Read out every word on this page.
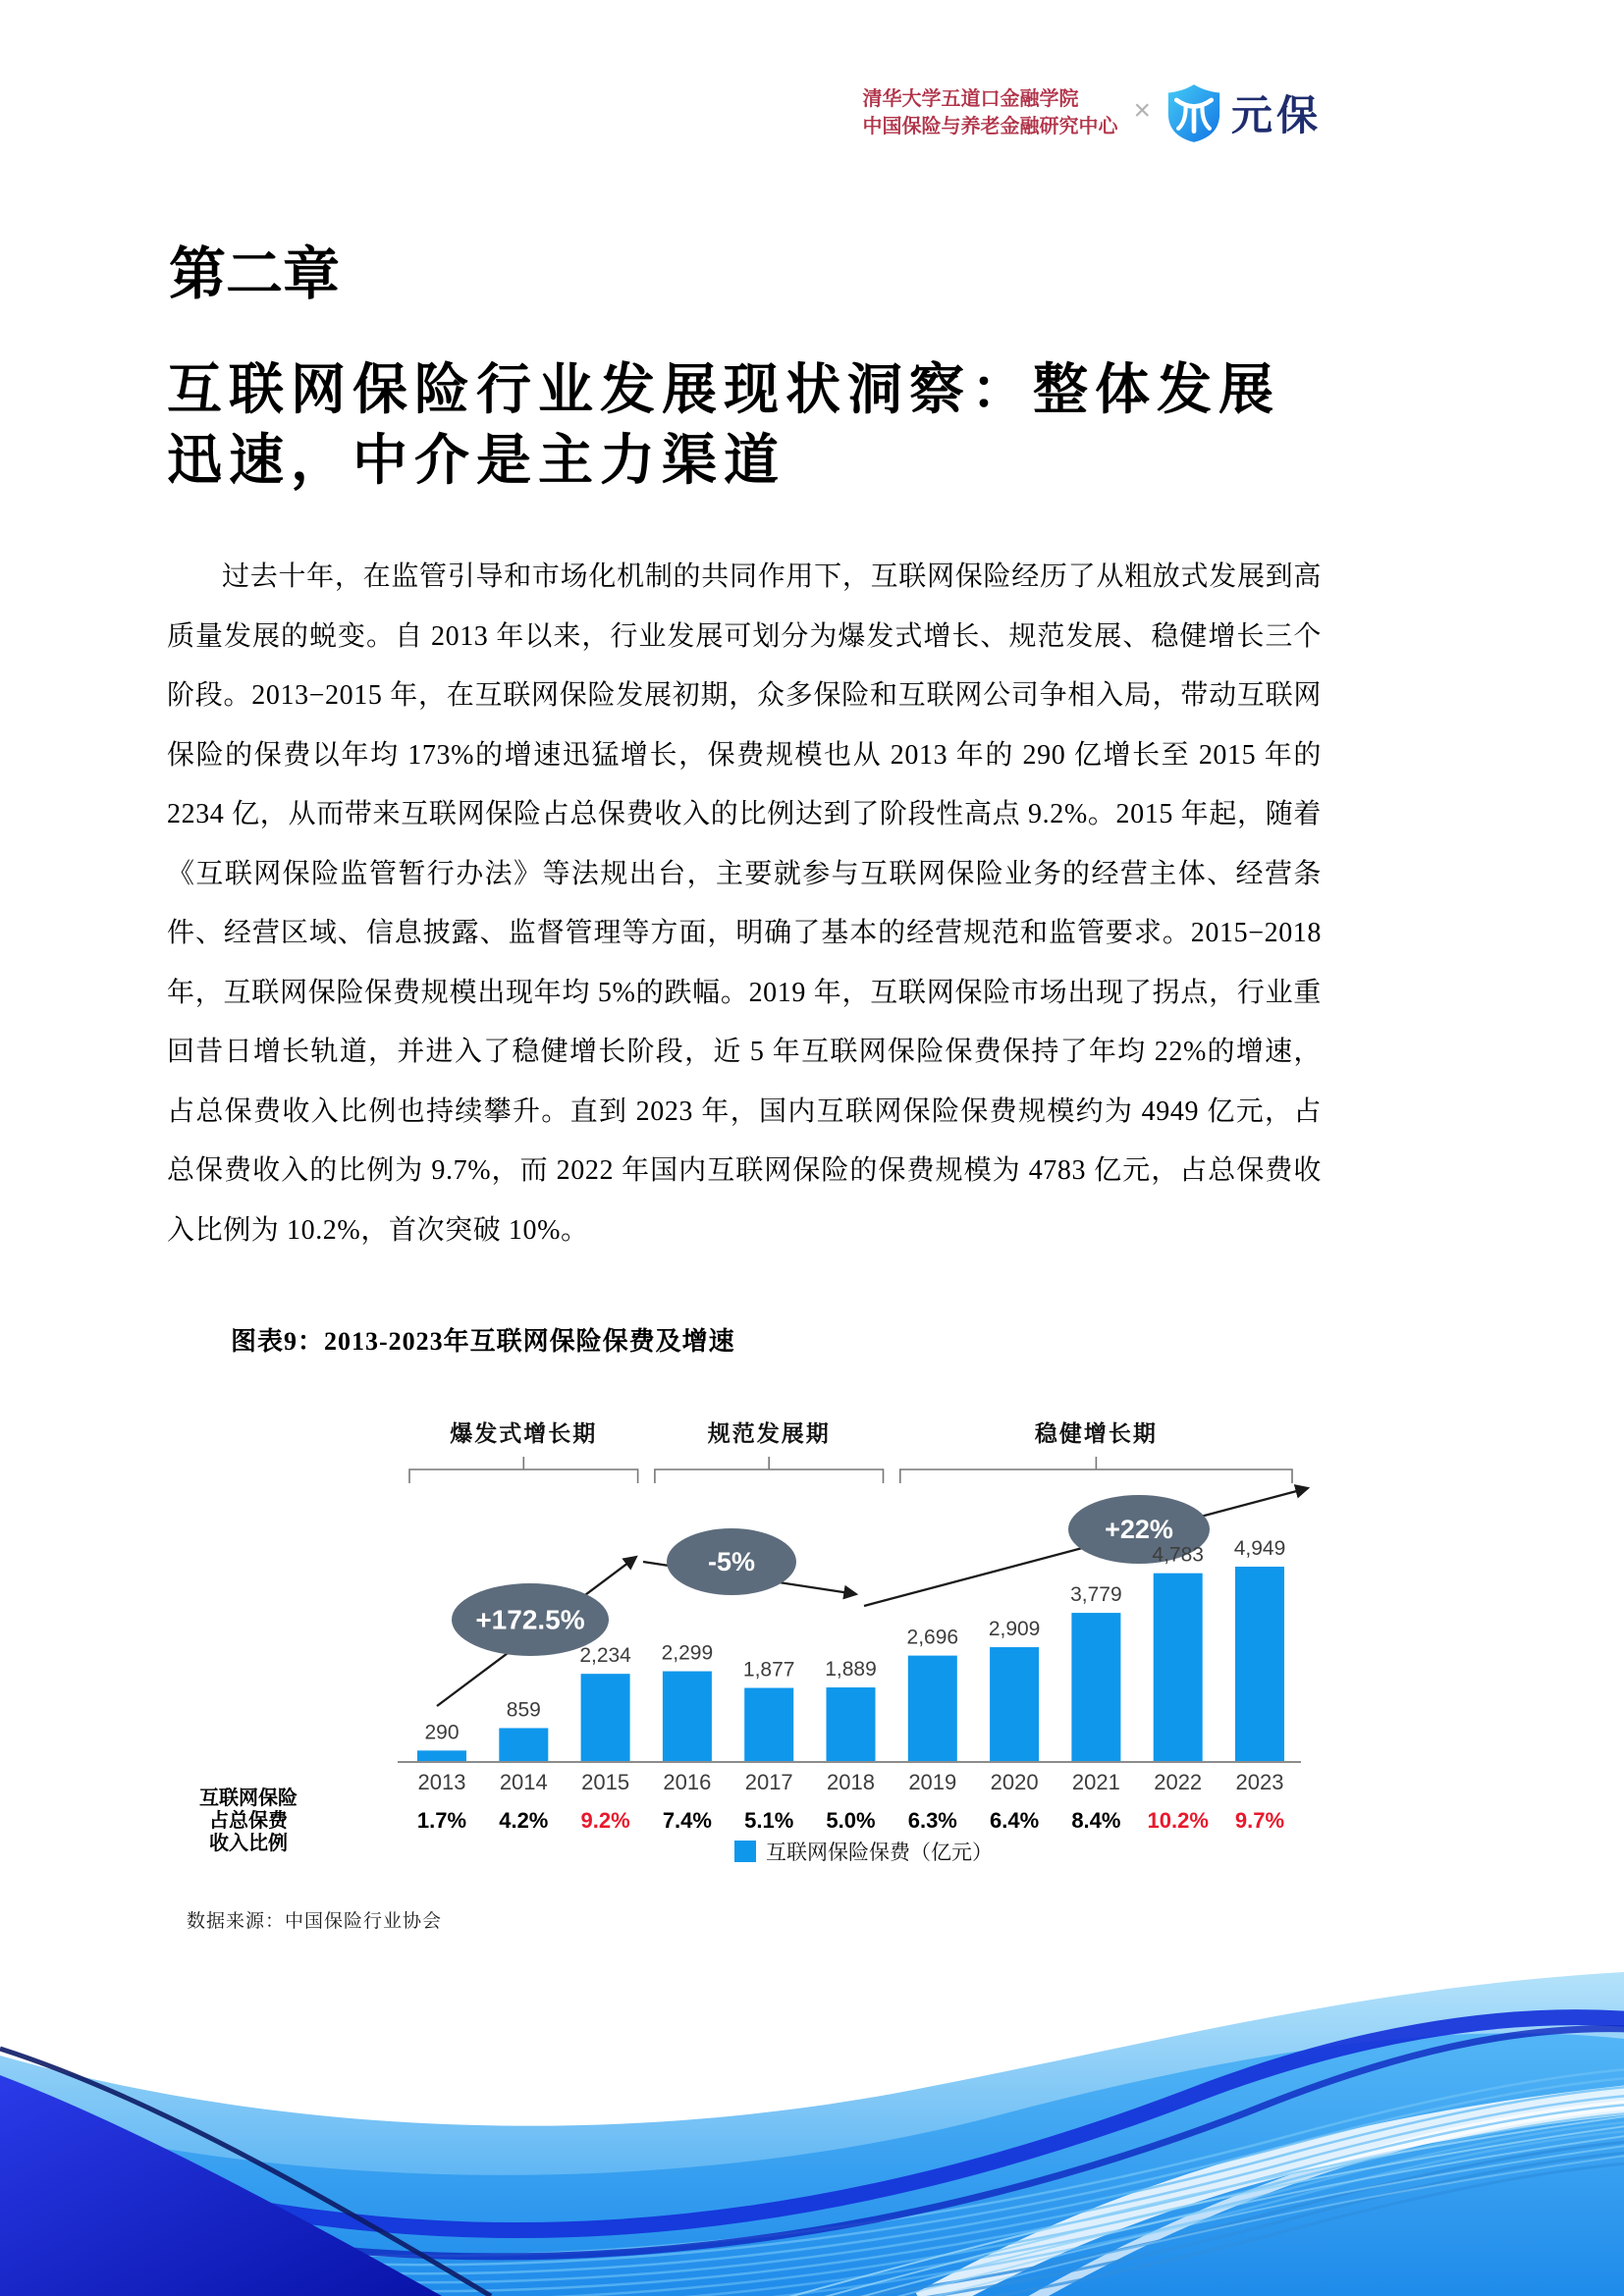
清华大学五道口金融学院
中国保险与养老金融研究中心 × 元保
第二章
互联网保险行业发展现状洞察：整体发展迅速，中介是主力渠道
过去十年，在监管引导和市场化机制的共同作用下，互联网保险经历了从粗放式发展到高质量发展的蜕变。自 2013 年以来，行业发展可划分为爆发式增长、规范发展、稳健增长三个阶段。2013−2015 年，在互联网保险发展初期，众多保险和互联网公司争相入局，带动互联网保险的保费以年均 173%的增速迅猛增长，保费规模也从 2013 年的 290 亿增长至 2015 年的 2234 亿，从而带来互联网保险占总保费收入的比例达到了阶段性高点 9.2%。2015 年起，随着《互联网保险监管暂行办法》等法规出台，主要就参与互联网保险业务的经营主体、经营条件、经营区域、信息披露、监督管理等方面，明确了基本的经营规范和监管要求。2015−2018 年，互联网保险保费规模出现年均 5%的跌幅。2019 年，互联网保险市场出现了拐点，行业重回昔日增长轨道，并进入了稳健增长阶段，近 5 年互联网保险保费保持了年均 22%的增速，占总保费收入比例也持续攀升。直到 2023 年，国内互联网保险保费规模约为 4949 亿元，占总保费收入的比例为 9.7%，而 2022 年国内互联网保险的保费规模为 4783 亿元，占总保费收入比例为 10.2%，首次突破 10%。
图表9：2013-2023年互联网保险保费及增速
爆发式增长期	规范发展期	稳健增长期
+172.5%
-5%
+22%
290
859
2,234 2,299
1,877 1,889
2,696 2,909
3,779
4,783 4,949
2013 2014 2015 2016 2017 2018 2019 2020 2021 2022 2023
1.7% 4.2% 9.2% 7.4% 5.1% 5.0% 6.3% 6.4% 8.4% 10.2% 9.7%
互联网保险
占总保费
收入比例	互联网保险保费（亿元）
数据来源：中国保险行业协会
